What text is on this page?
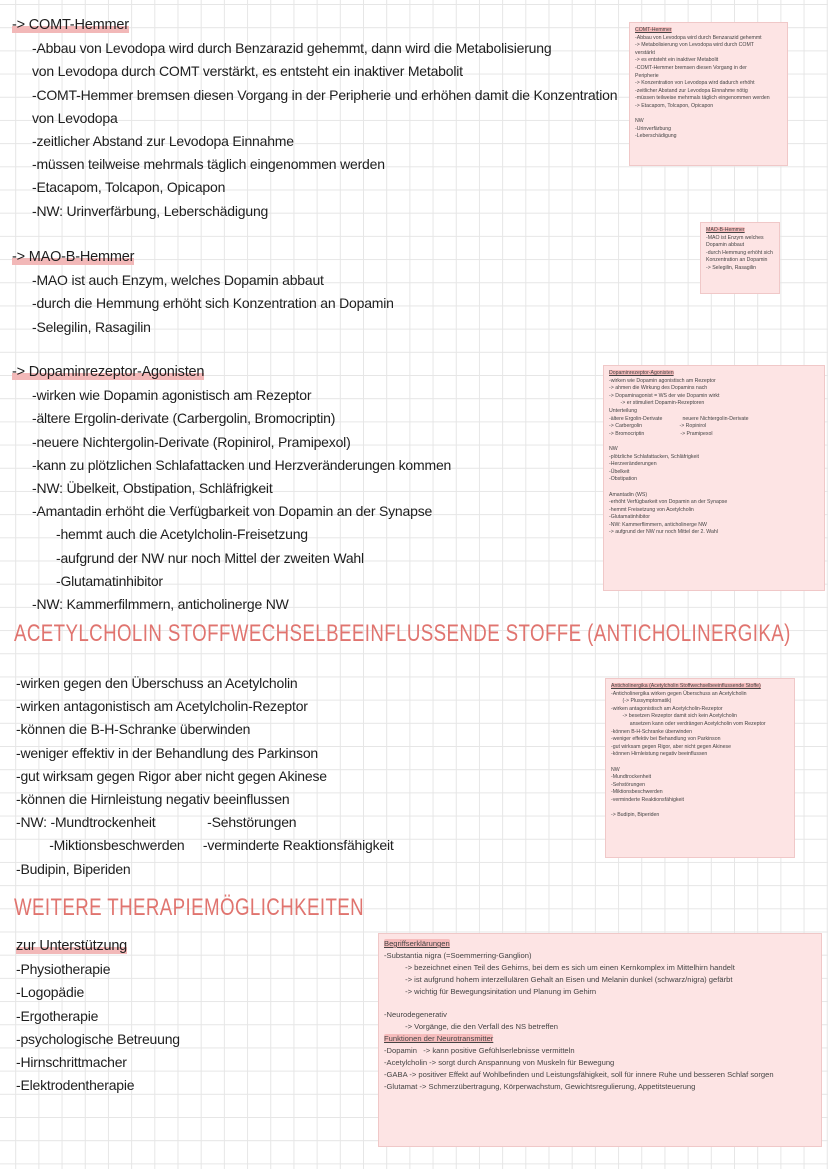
-> COMT-Hemmer
-Abbau von Levodopa wird durch Benzarazid gehemmt, dann wird die Metabolisierung
von Levodopa durch COMT verstärkt, es entsteht ein inaktiver Metabolit
-COMT-Hemmer bremsen diesen Vorgang in der Peripherie und erhöhen damit die Konzentration
von Levodopa
-zeitlicher Abstand zur Levodopa Einnahme
-müssen teilweise mehrmals täglich eingenommen werden
-Etacapom, Tolcapon, Opicapon
-NW: Urinverfärbung, Leberschädigung
-> MAO-B-Hemmer
-MAO ist auch Enzym, welches Dopamin abbaut
-durch die Hemmung erhöht sich Konzentration an Dopamin
-Selegilin, Rasagilin
-> Dopaminrezeptor-Agonisten
-wirken wie Dopamin agonistisch am Rezeptor
-ältere Ergolin-derivate (Carbergolin, Bromocriptin)
-neuere Nichtergolin-Derivate (Ropinirol, Pramipexol)
-kann zu plötzlichen Schlafattacken und Herzveränderungen kommen
-NW: Übelkeit, Obstipation, Schläfrigkeit
-Amantadin erhöht die Verfügbarkeit von Dopamin an der Synapse
-hemmt auch die Acetylcholin-Freisetzung
-aufgrund der NW nur noch Mittel der zweiten Wahl
-Glutamatinhibitor
-NW: Kammerfilmmern, anticholinerge NW
ACETYLCHOLIN STOFFWECHSELBEEINFLUSSENDE STOFFE (ANTICHOLINERGIKA)
-wirken gegen den Überschuss an Acetylcholin
-wirken antagonistisch am Acetylcholin-Rezeptor
-können die B-H-Schranke überwinden
-weniger effektiv in der Behandlung des Parkinson
-gut wirksam gegen Rigor aber nicht gegen Akinese
-können die Hirnleistung negativ beeinflussen
-NW: -Mundtrockenheit              -Sehstörungen
-Miktionsbeschwerden     -verminderte Reaktionsfähigkeit
-Budipin, Biperiden
WEITERE THERAPIEMÖGLICHKEITEN
zur Unterstützung
-Physiotherapie
-Logopädie
-Ergotherapie
-psychologische Betreuung
-Hirnschrittmacher
-Elektrodentherapie
COMT-Hemmer

-Abbau von Levodopa wird durch Benzarazid gehemmt
-> Metabolisierung von Levodopa wird durch COMT
verstärkt
-> es entsteht ein inaktiver Metabolit
-COMT-Hemmer bremsen diesen Vorgang in der
Peripherie
-> Konzentration von Levodopa wird dadurch erhöht
-zeitlicher Abstand zur Levodopa Einnahme nötig
-müssen teilweise mehrmals täglich eingenommen werden
-> Etacapom, Tolcapon, Opicapon

NW
-Urinverfärbung
-Leberschädigung
MAO-B-Hemmer

-MAO ist Enzym welches
Dopamin abbaut
-durch Hemmung erhöht sich
Konzentration an Dopamin
-> Selegilin, Rasagilin
Dopaminrezeptor-Agonisten

-wirken wie Dopamin agonistisch am Rezeptor
-> ahmen die Wirkung des Dopamins nach
-> Dopaminagonist = WS der wie Dopamin wirkt
-> er stimuliert Dopamin-Rezeptoren
Unterteilung
-ältere Ergolin-Derivate              neuere Nichtergolin-Derivate
-> Carbergolin                          -> Ropinirol
-> Bromocriptin                         -> Pramipexol

NW
-plötzliche Schlafattacken, Schläfrigkeit
-Herzveränderungen
-Übelkeit
-Obstipation

Amantadin (WS)
-erhöht Verfügbarkeit von Dopamin an der Synapse
-hemmt Freisetzung von Acetylcholin
-Glutamatinhibitor
-NW: Kammerflimmern, anticholinerge NW
-> aufgrund der NW nur noch Mittel der 2. Wahl
Anticholinergika (Acetylcholin Stoffwechselbeeinflussende Stoffe)

-Anticholinergika wirken gegen Überschuss an Acetylcholin
(-> Plussymptomatik)
-wirken antagonistisch am Acetylcholin-Rezeptor
-> besetzen Rezeptor damit sich kein Acetylcholin
ansetzen kann oder verdrängen Acetylcholin vom Rezeptor
-können B-H-Schranke überwinden
-weniger effektiv bei Behandlung von Parkinson
-gut wirksam gegen Rigor, aber nicht gegen Akinese
-können Hirnleistung negativ beeinflussen

NW
-Mundtrockenheit
-Sehstörungen
-Miktionsbeschwerden
-verminderte Reaktionsfähigkeit

-> Budipin, Biperiden
Begriffserklärungen

-Substantia nigra (=Soemmerring-Ganglion)
-> bezeichnet einen Teil des Gehirns, bei dem es sich um einen Kernkomplex im Mittelhirn handelt
-> ist aufgrund hohem interzellulären Gehalt an Eisen und Melanin dunkel (schwarz/nigra) gefärbt
-> wichtig für Bewegungsinitation und Planung im Gehirn

-Neurodegenerativ
-> Vorgänge, die den Verfall des NS betreffen

Funktionen der Neurotransmitter

-Dopamin   -> kann positive Gefühlserlebnisse vermitteln
-Acetylcholin -> sorgt durch Anspannung von Muskeln für Bewegung
-GABA -> positiver Effekt auf Wohlbefinden und Leistungsfähigkeit, soll für innere Ruhe und besseren Schlaf sorgen
-Glutamat -> Schmerzübertragung, Körperwachstum, Gewichtsregulierung, Appetitsteuerung
